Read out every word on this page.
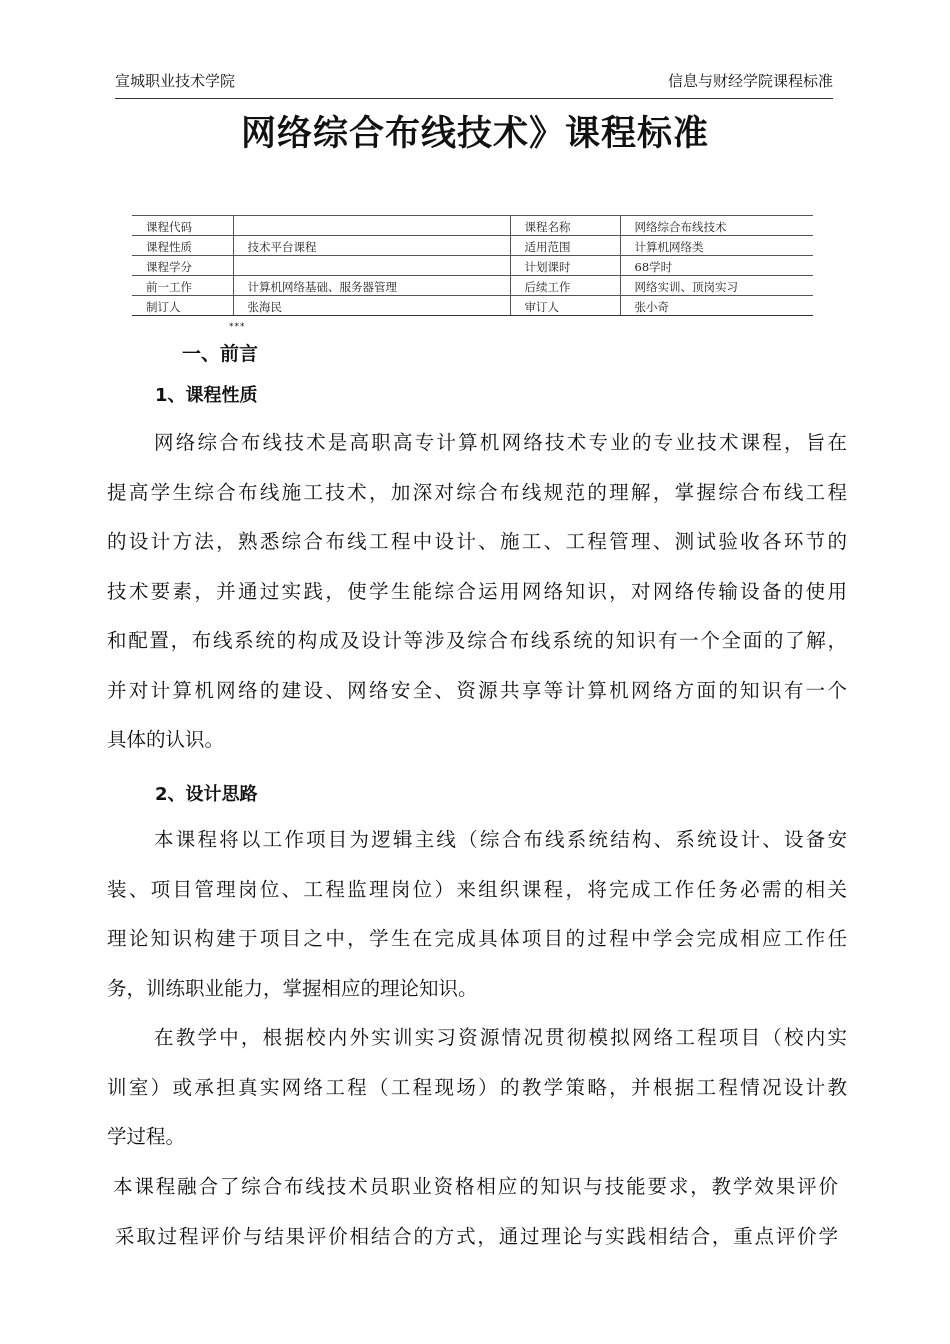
宣城职业技术学院	信息与财经学院课程标准
网络综合布线技术》课程标准
课程代码		课程名称	网络综合布线技术
课程性质	技术平台课程	适用范围	计算机网络类
课程学分		计划课时	68学时
前一工作	计算机网络基础、服务器管理	后续工作	网络实训、顶岗实习
制订人	张海民	审订人	张小奇
***
一、前言
1、课程性质
网络综合布线技术是高职高专计算机网络技术专业的专业技术课程，旨在
提高学生综合布线施工技术，加深对综合布线规范的理解，掌握综合布线工程
的设计方法，熟悉综合布线工程中设计、施工、工程管理、测试验收各环节的
技术要素，并通过实践，使学生能综合运用网络知识，对网络传输设备的使用
和配置，布线系统的构成及设计等涉及综合布线系统的知识有一个全面的了解，
并对计算机网络的建设、网络安全、资源共享等计算机网络方面的知识有一个
具体的认识。
2、设计思路
本课程将以工作项目为逻辑主线（综合布线系统结构、系统设计、设备安
装、项目管理岗位、工程监理岗位）来组织课程，将完成工作任务必需的相关
理论知识构建于项目之中，学生在完成具体项目的过程中学会完成相应工作任
务，训练职业能力，掌握相应的理论知识。
在教学中，根据校内外实训实习资源情况贯彻模拟网络工程项目（校内实
训室）或承担真实网络工程（工程现场）的教学策略，并根据工程情况设计教
学过程。
本课程融合了综合布线技术员职业资格相应的知识与技能要求，教学效果评价
采取过程评价与结果评价相结合的方式，通过理论与实践相结合，重点评价学
